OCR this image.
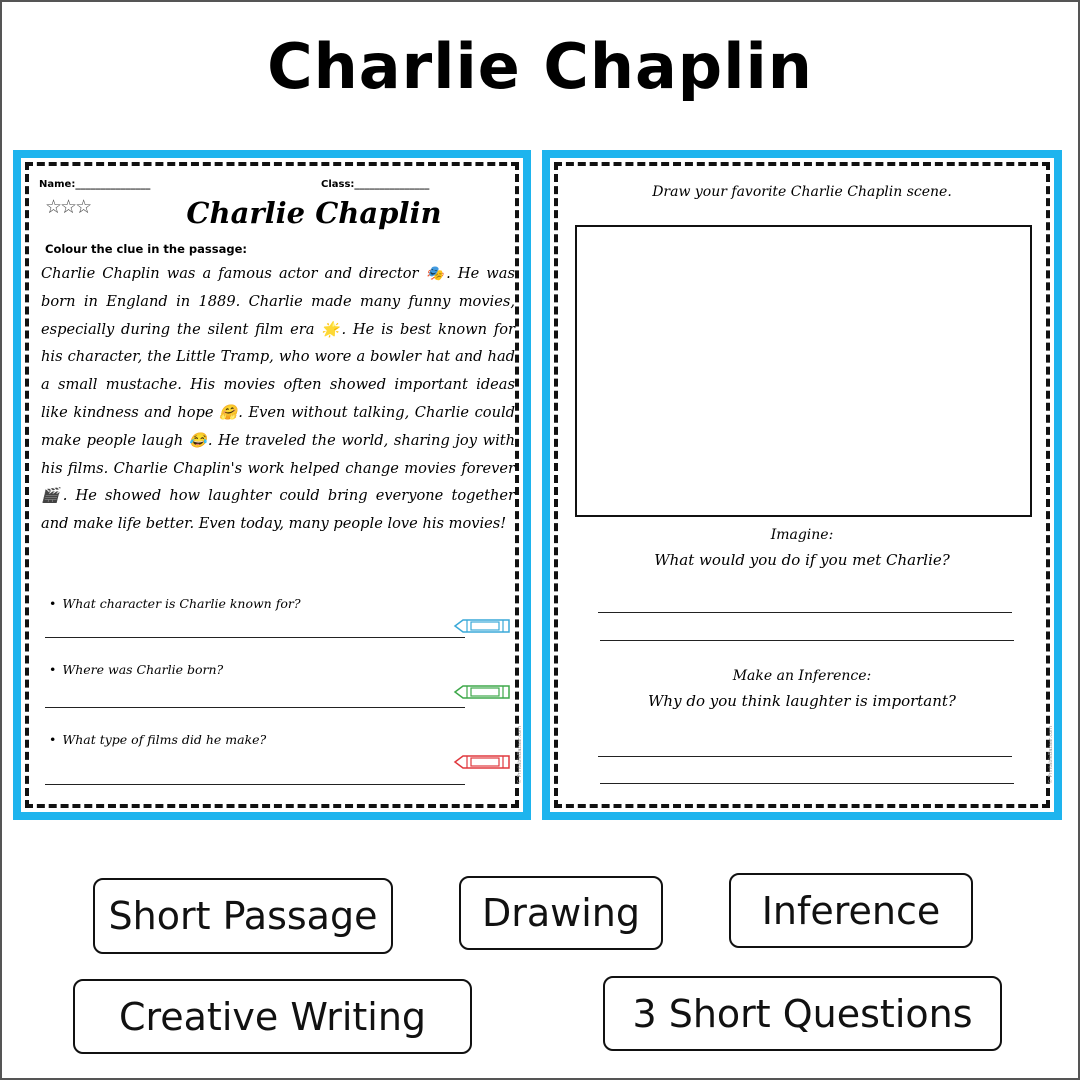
Charlie Chaplin
Name:_______________	Class:_______________
☆☆☆	Charlie Chaplin
Colour the clue in the passage:
Charlie Chaplin was a famous actor and director 🎭. He was born in England in 1889. Charlie made many funny movies, especially during the silent film era 🌟. He is best known for his character, the Little Tramp, who wore a bowler hat and had a small mustache. His movies often showed important ideas like kindness and hope 🤗. Even without talking, Charlie could make people laugh 😂. He traveled the world, sharing joy with his films. Charlie Chaplin's work helped change movies forever 🎬. He showed how laughter could bring everyone together and make life better. Even today, many people love his movies!
• What character is Charlie known for?
• Where was Charlie born?
• What type of films did he make?	© PrintableBazaar.com
Draw your favorite Charlie Chaplin scene.
Imagine:
What would you do if you met Charlie?
Make an Inference:
Why do you think laughter is important?
© PrintableBazaar.com
Short Passage	Drawing	Inference
Creative Writing	3 Short Questions
